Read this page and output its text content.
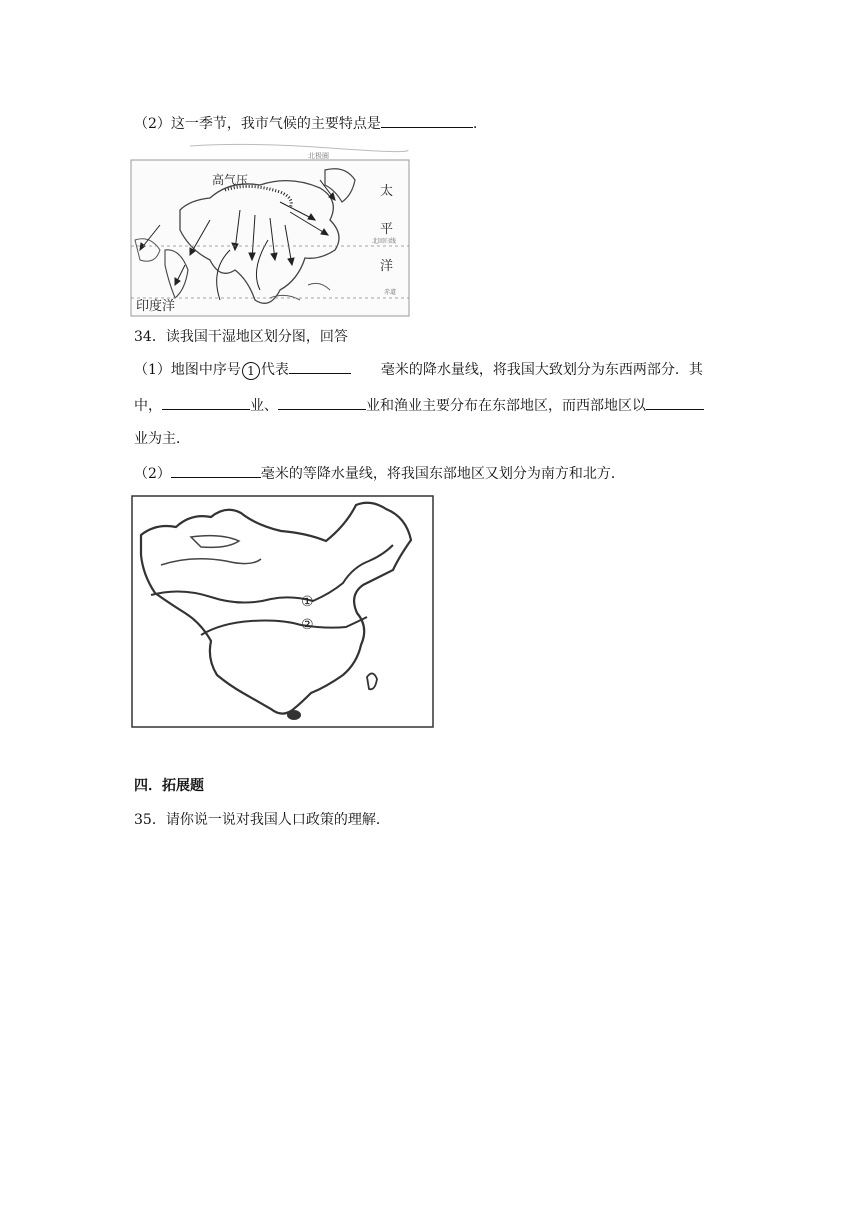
（2）这一季节，我市气候的主要特点是	.
北极圈
高气压
北回归线
赤道
太
平
洋
印度洋
34．读我国干湿地区划分图，回答
（1）地图中序号 1 代表	毫米的降水量线，将我国大致划分为东西两部分．其
中，	业、	业和渔业主要分布在东部地区，而西部地区以
业为主．
（2）	毫米的等降水量线，将我国东部地区又划分为南方和北方．
①
②
四．拓展题
35．请你说一说对我国人口政策的理解．
